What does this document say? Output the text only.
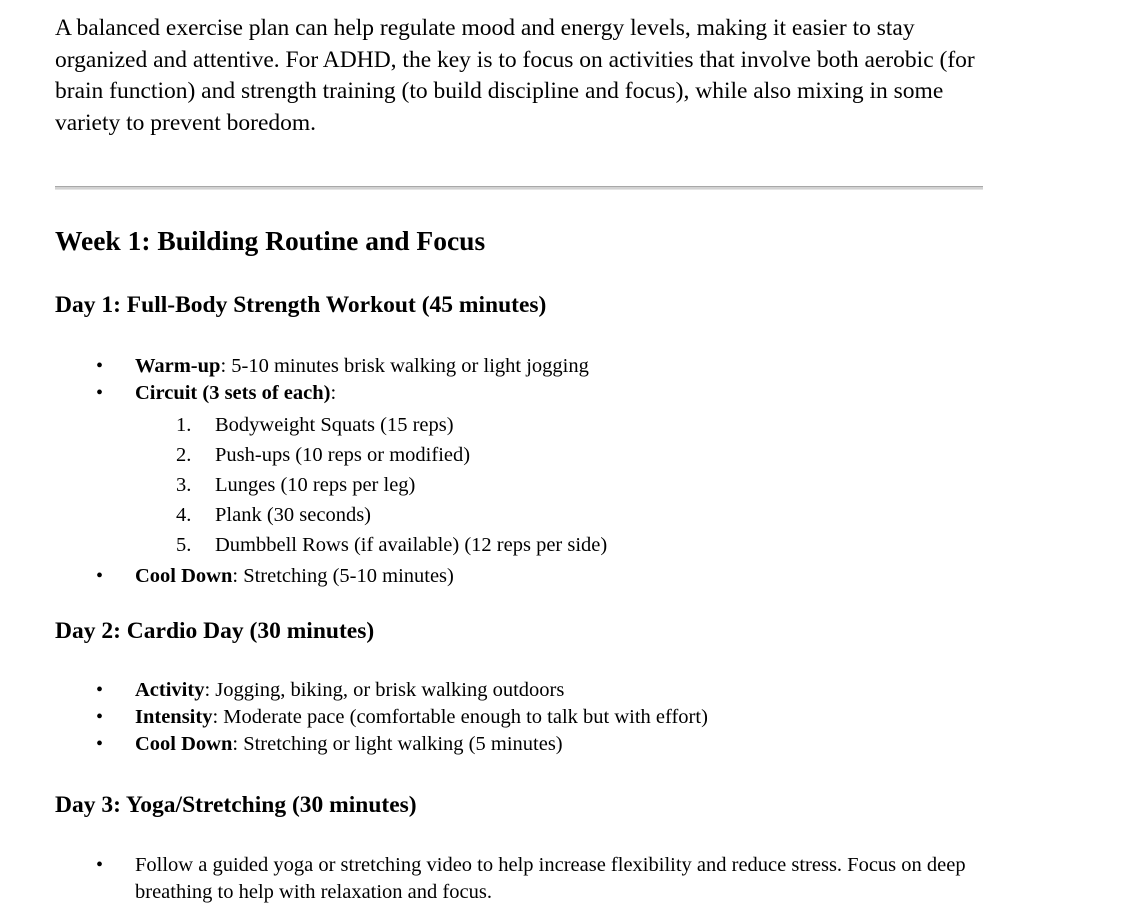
A balanced exercise plan can help regulate mood and energy levels, making it easier to stay organized and attentive. For ADHD, the key is to focus on activities that involve both aerobic (for brain function) and strength training (to build discipline and focus), while also mixing in some variety to prevent boredom.

Week 1: Building Routine and Focus
Day 1: Full-Body Strength Workout (45 minutes)
• Warm-up: 5-10 minutes brisk walking or light jogging
• Circuit (3 sets of each):
1. Bodyweight Squats (15 reps)
2. Push-ups (10 reps or modified)
3. Lunges (10 reps per leg)
4. Plank (30 seconds)
5. Dumbbell Rows (if available) (12 reps per side)
• Cool Down: Stretching (5-10 minutes)
Day 2: Cardio Day (30 minutes)
• Activity: Jogging, biking, or brisk walking outdoors
• Intensity: Moderate pace (comfortable enough to talk but with effort)
• Cool Down: Stretching or light walking (5 minutes)
Day 3: Yoga/Stretching (30 minutes)
• Follow a guided yoga or stretching video to help increase flexibility and reduce stress. Focus on deep breathing to help with relaxation and focus.
